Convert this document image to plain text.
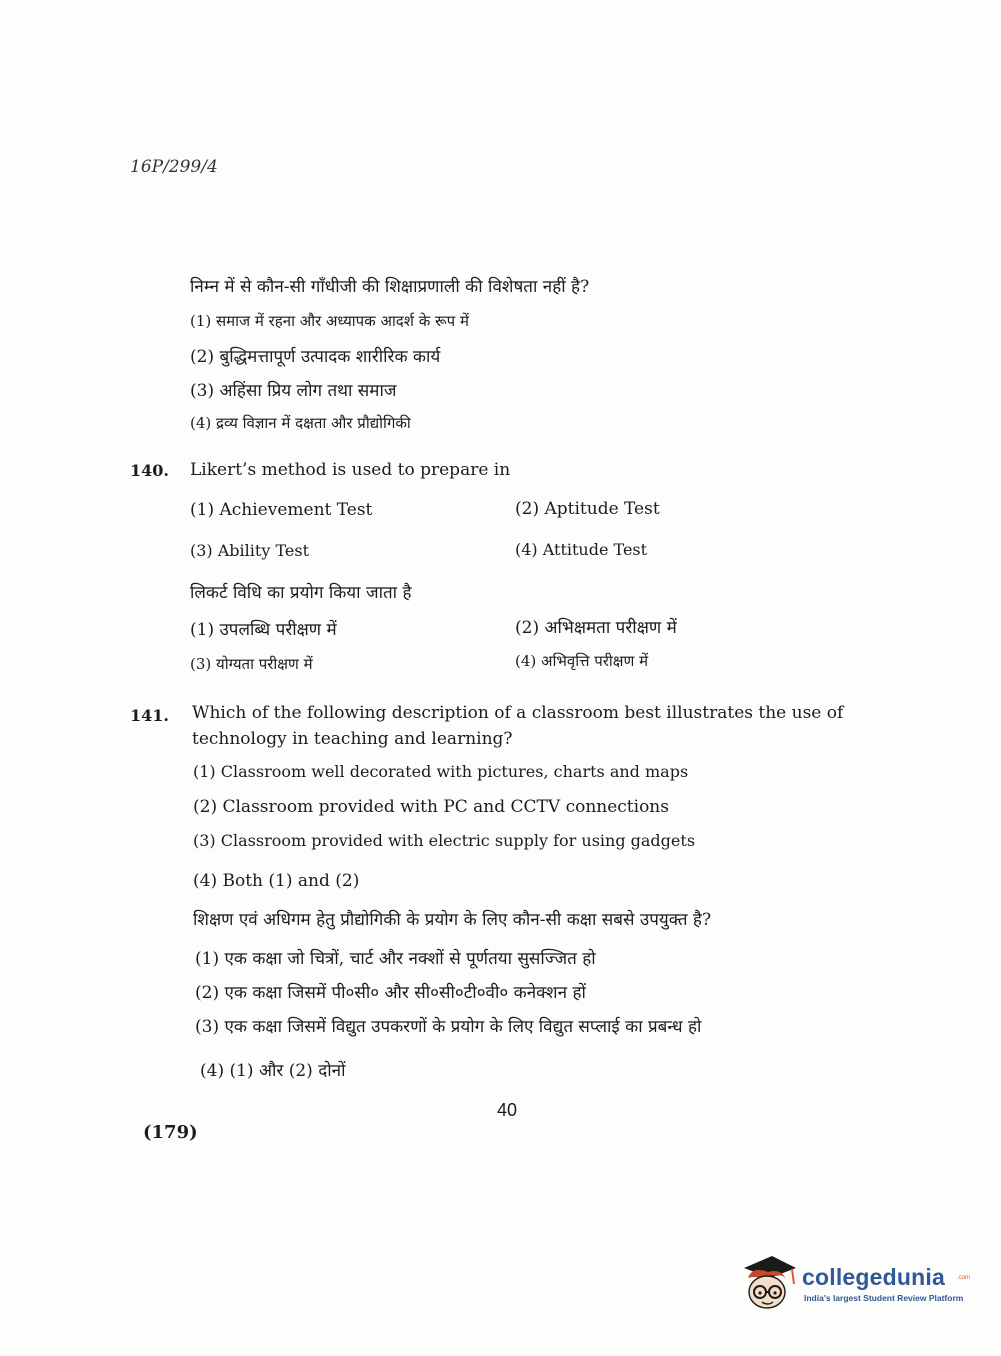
16P/299/4
निम्न में से कौन-सी गाँधीजी की शिक्षाप्रणाली की विशेषता नहीं है?
(1) समाज में रहना और अध्यापक आदर्श के रूप में
(2) बुद्धिमत्तापूर्ण उत्पादक शारीरिक कार्य
(3) अहिंसा प्रिय लोग तथा समाज
(4) द्रव्य विज्ञान में दक्षता और प्रौद्योगिकी
140. Likert’s method is used to prepare in
(1) Achievement Test	(2) Aptitude Test
(3) Ability Test	(4) Attitude Test
लिकर्ट विधि का प्रयोग किया जाता है
(1) उपलब्धि परीक्षण में	(2) अभिक्षमता परीक्षण में
(3) योग्यता परीक्षण में	(4) अभिवृत्ति परीक्षण में
141. Which of the following description of a classroom best illustrates the use of
technology in teaching and learning?
(1) Classroom well decorated with pictures, charts and maps
(2) Classroom provided with PC and CCTV connections
(3) Classroom provided with electric supply for using gadgets
(4) Both (1) and (2)
शिक्षण एवं अधिगम हेतु प्रौद्योगिकी के प्रयोग के लिए कौन-सी कक्षा सबसे उपयुक्त है?
(1) एक कक्षा जो चित्रों, चार्ट और नक्शों से पूर्णतया सुसज्जित हो
(2) एक कक्षा जिसमें पी०सी० और सी०सी०टी०वी० कनेक्शन हों
(3) एक कक्षा जिसमें विद्युत उपकरणों के प्रयोग के लिए विद्युत सप्लाई का प्रबन्ध हो
(4) (1) और (2) दोनों
40
(179)
collegedunia .com
India's largest Student Review Platform
